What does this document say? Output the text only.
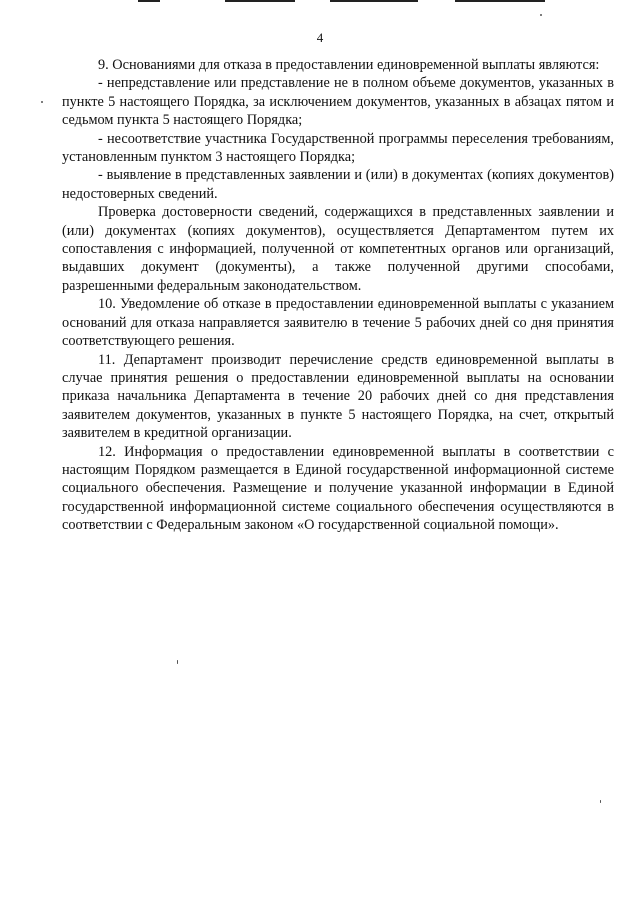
4

9. Основаниями для отказа в предоставлении единовременной выплаты являются:

- непредставление или представление не в полном объеме документов, указанных в пункте 5 настоящего Порядка, за исключением документов, указанных в абзацах пятом и седьмом пункта 5 настоящего Порядка;

- несоответствие участника Государственной программы переселения требованиям, установленным пунктом 3 настоящего Порядка;

- выявление в представленных заявлении и (или) в документах (копиях документов) недостоверных сведений.

Проверка достоверности сведений, содержащихся в представленных заявлении и (или) документах (копиях документов), осуществляется Департаментом путем их сопоставления с информацией, полученной от компетентных органов или организаций, выдавших документ (документы), а также полученной другими способами, разрешенными федеральным законодательством.

10. Уведомление об отказе в предоставлении единовременной выплаты с указанием оснований для отказа направляется заявителю в течение 5 рабочих дней со дня принятия соответствующего решения.

11. Департамент производит перечисление средств единовременной выплаты в случае принятия решения о предоставлении единовременной выплаты на основании приказа начальника Департамента в течение 20 рабочих дней со дня представления заявителем документов, указанных в пункте 5 настоящего Порядка, на счет, открытый заявителем в кредитной организации.

12. Информация о предоставлении единовременной выплаты в соответствии с настоящим Порядком размещается в Единой государственной информационной системе социального обеспечения. Размещение и получение указанной информации в Единой государственной информационной системе социального обеспечения осуществляются в соответствии с Федеральным законом «О государственной социальной помощи».
